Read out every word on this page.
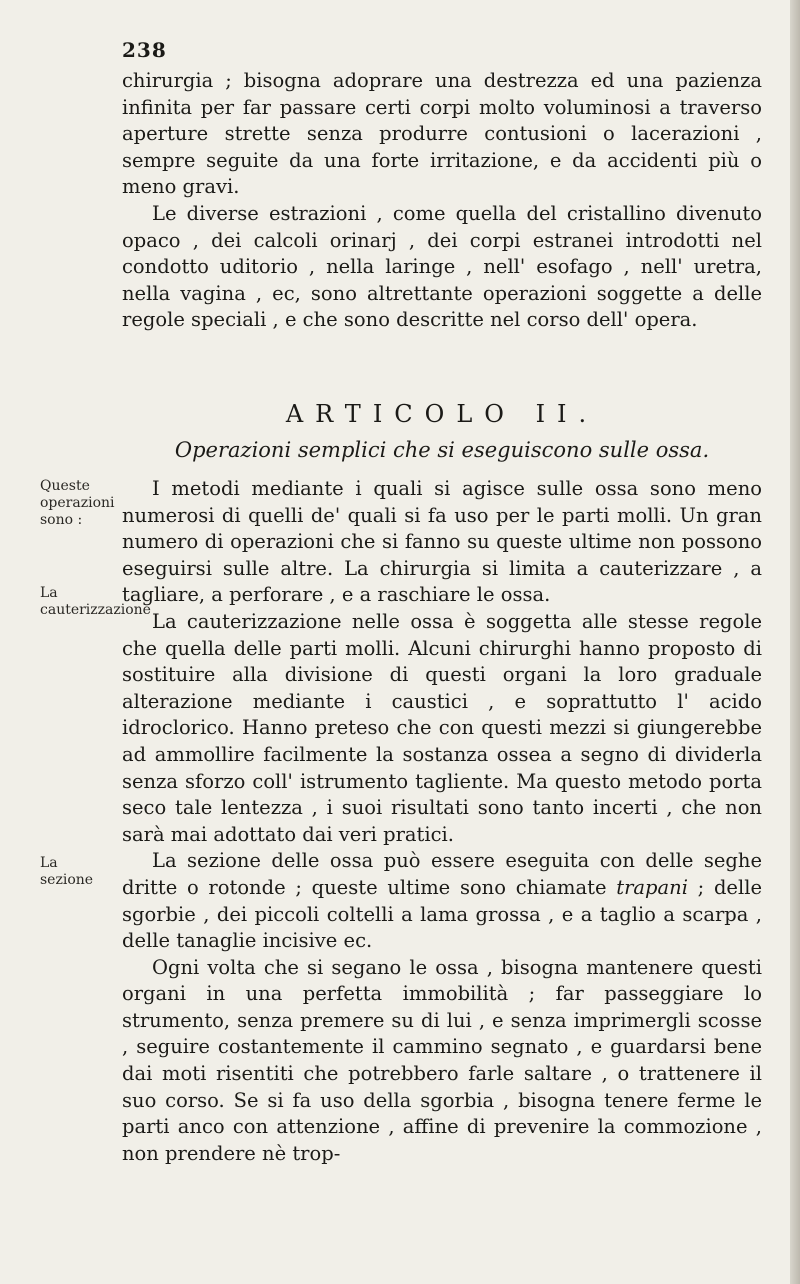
238

chirurgia ; bisogna adoprare una destrezza ed una pazienza infinita per far passare certi corpi molto voluminosi a traverso aperture strette senza produrre contusioni o lacerazioni , sempre seguite da una forte irritazione, e da accidenti più o meno gravi.

Le diverse estrazioni , come quella del cristallino divenuto opaco , dei calcoli orinarj , dei corpi estranei introdotti nel condotto uditorio , nella laringe , nell' esofago , nell' uretra, nella vagina , ec, sono altrettante operazioni soggette a delle regole speciali , e che sono descritte nel corso dell' opera.

ARTICOLO II.
Operazioni semplici che si eseguiscono sulle ossa.

I metodi mediante i quali si agisce sulle ossa sono meno numerosi di quelli de' quali si fa uso per le parti molli. Un gran numero di operazioni che si fanno su queste ultime non possono eseguirsi sulle altre. La chirurgia si limita a cauterizzare , a tagliare, a perforare , e a raschiare le ossa.

La cauterizzazione nelle ossa è soggetta alle stesse regole che quella delle parti molli. Alcuni chirurghi hanno proposto di sostituire alla divisione di questi organi la loro graduale alterazione mediante i caustici , e soprattutto l' acido idroclorico. Hanno preteso che con questi mezzi si giungerebbe ad ammollire facilmente la sostanza ossea a segno di dividerla senza sforzo coll' istrumento tagliente. Ma questo metodo porta seco tale lentezza , i suoi risultati sono tanto incerti , che non sarà mai adottato dai veri pratici.

La sezione delle ossa può essere eseguita con delle seghe dritte o rotonde ; queste ultime sono chiamate trapani ; delle sgorbie , dei piccoli coltelli a lama grossa , e a taglio a scarpa , delle tanaglie incisive ec.

Ogni volta che si segano le ossa , bisogna mantenere questi organi in una perfetta immobilità ; far passeggiare lo strumento, senza premere su di lui , e senza imprimergli scosse , seguire costantemente il cammino segnato , e guardarsi bene dai moti risentiti che potrebbero farle saltare , o trattenere il suo corso. Se si fa uso della sgorbia , bisogna tenere ferme le parti anco con attenzione , affine di prevenire la commozione , non prendere nè trop-

Queste operazioni sono :
La cauterizzazione
La sezione
